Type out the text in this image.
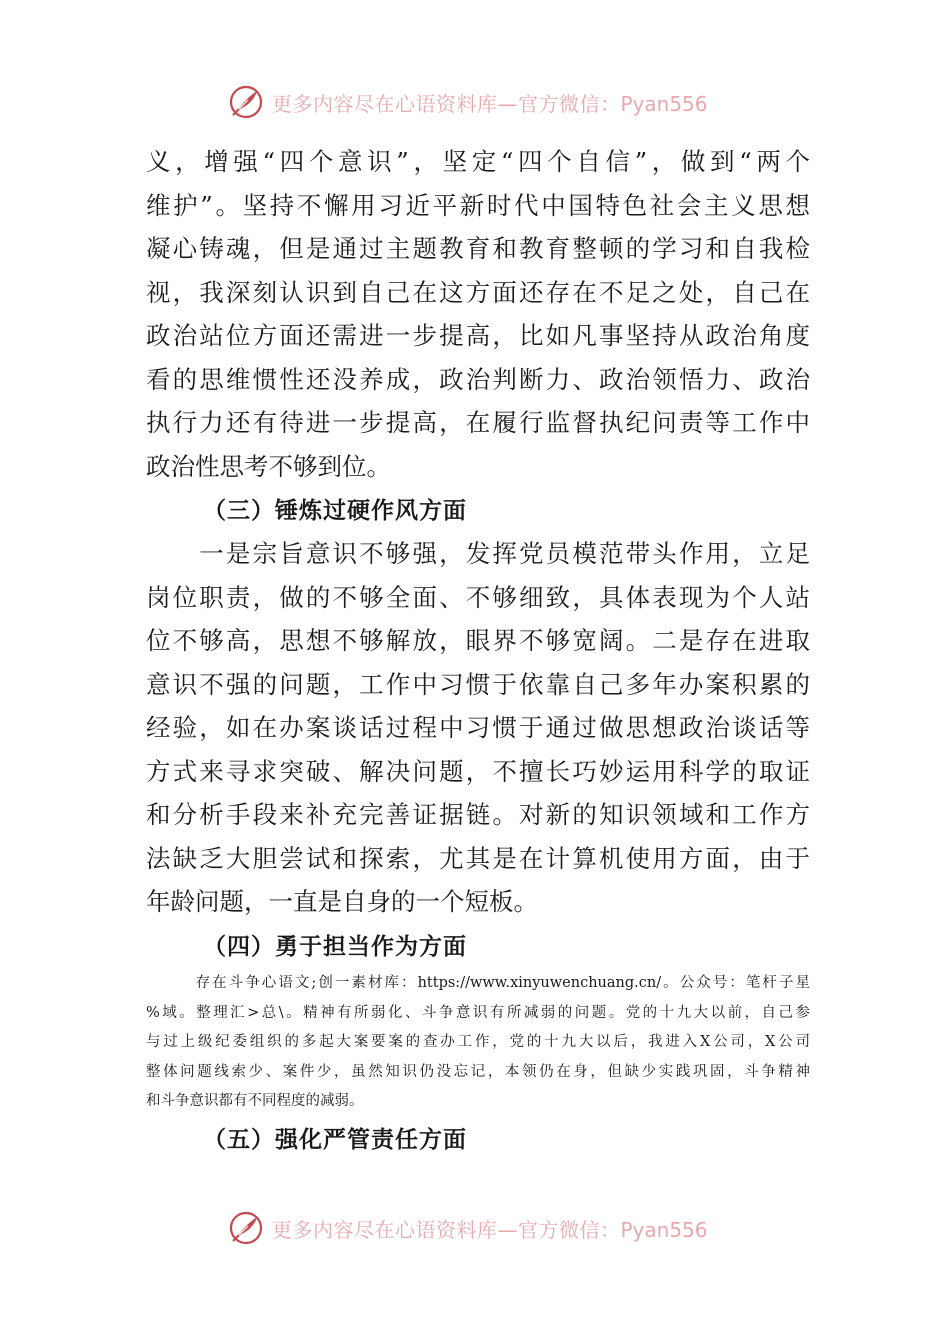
更多内容尽在心语资料库—官方微信：Pyan556
义，增强“四个意识”，坚定“四个自信”，做到“两个
维护”。坚持不懈用习近平新时代中国特色社会主义思想
凝心铸魂，但是通过主题教育和教育整顿的学习和自我检
视，我深刻认识到自己在这方面还存在不足之处，自己在
政治站位方面还需进一步提高，比如凡事坚持从政治角度
看的思维惯性还没养成，政治判断力、政治领悟力、政治
执行力还有待进一步提高，在履行监督执纪问责等工作中
政治性思考不够到位。
（三）锤炼过硬作风方面
　　一是宗旨意识不够强，发挥党员模范带头作用，立足
岗位职责，做的不够全面、不够细致，具体表现为个人站
位不够高，思想不够解放，眼界不够宽阔。二是存在进取
意识不强的问题，工作中习惯于依靠自己多年办案积累的
经验，如在办案谈话过程中习惯于通过做思想政治谈话等
方式来寻求突破、解决问题，不擅长巧妙运用科学的取证
和分析手段来补充完善证据链。对新的知识领域和工作方
法缺乏大胆尝试和探索，尤其是在计算机使用方面，由于
年龄问题，一直是自身的一个短板。
（四）勇于担当作为方面
　　　存在斗争心语文;创一素材库：https://www.xinyuwenchuang.cn/。公众号：笔杆子星
%域。整理汇>总\。精神有所弱化、斗争意识有所减弱的问题。党的十九大以前，自己参
与过上级纪委组织的多起大案要案的查办工作，党的十九大以后，我进入X公司，X公司
整体问题线索少、案件少，虽然知识仍没忘记，本领仍在身，但缺少实践巩固，斗争精神
和斗争意识都有不同程度的减弱。
（五）强化严管责任方面
更多内容尽在心语资料库—官方微信：Pyan556
